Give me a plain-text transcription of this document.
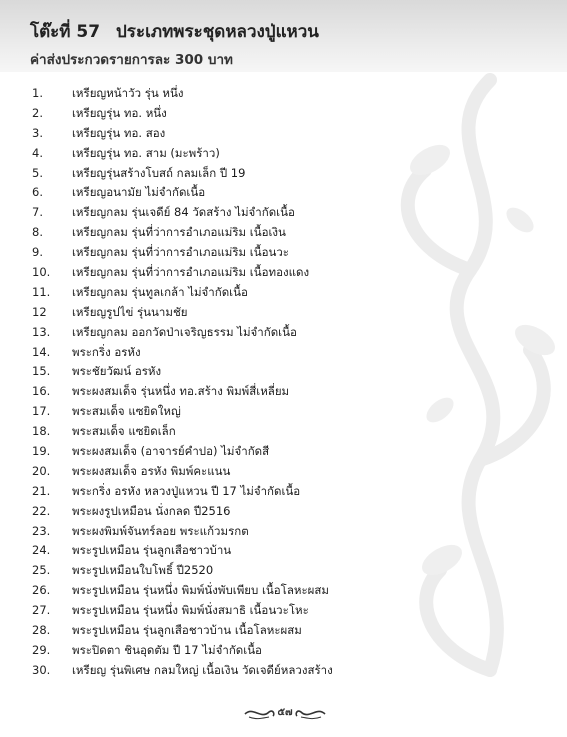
โต๊ะที่ 57 ประเภทพระชุดหลวงปู่แหวน
ค่าส่งประกวดรายการละ 300 บาท
1.	เหรียญหน้าวัว รุ่น หนึ่ง
2.	เหรียญรุ่น ทอ. หนึ่ง
3.	เหรียญรุ่น ทอ. สอง
4.	เหรียญรุ่น ทอ. สาม (มะพร้าว)
5.	เหรียญรุ่นสร้างโบสถ์ กลมเล็ก ปี 19
6.	เหรียญอนามัย ไม่จำกัดเนื้อ
7.	เหรียญกลม รุ่นเจดีย์ 84 วัดสร้าง ไม่จำกัดเนื้อ
8.	เหรียญกลม รุ่นที่ว่าการอำเภอแม่ริม เนื้อเงิน
9.	เหรียญกลม รุ่นที่ว่าการอำเภอแม่ริม เนื้อนวะ
10. เหรียญกลม รุ่นที่ว่าการอำเภอแม่ริม เนื้อทองแดง
11. เหรียญกลม รุ่นทูลเกล้า ไม่จำกัดเนื้อ
12 เหรียญรูปไข่ รุ่นนามชัย
13. เหรียญกลม ออกวัดป่าเจริญธรรม ไม่จำกัดเนื้อ
14. พระกริ่ง อรหัง
15. พระชัยวัฒน์ อรหัง
16. พระผงสมเด็จ รุ่นหนึ่ง ทอ.สร้าง พิมพ์สี่เหลี่ยม
17. พระสมเด็จ แซยิดใหญ่
18. พระสมเด็จ แซยิดเล็ก
19. พระผงสมเด็จ (อาจารย์คำปอ) ไม่จำกัดสี
20. พระผงสมเด็จ อรหัง พิมพ์คะแนน
21. พระกริ่ง อรหัง หลวงปู่แหวน ปี 17 ไม่จำกัดเนื้อ
22. พระผงรูปเหมือน นั่งกลด ปี2516
23. พระผงพิมพ์จันทร์ลอย พระแก้วมรกต
24. พระรูปเหมือน รุ่นลูกเสือชาวบ้าน
25. พระรูปเหมือนใบโพธิ์ ปี2520
26. พระรูปเหมือน รุ่นหนึ่ง พิมพ์นั่งพับเพียบ เนื้อโลหะผสม
27. พระรูปเหมือน รุ่นหนึ่ง พิมพ์นั่งสมาธิ เนื้อนวะโหะ
28. พระรูปเหมือน รุ่นลูกเสือชาวบ้าน เนื้อโลหะผสม
29. พระปิดตา ชินอุดตัม ปี 17 ไม่จำกัดเนื้อ
30. เหรียญ รุ่นพิเศษ กลมใหญ่ เนื้อเงิน วัดเจดีย์หลวงสร้าง
๕๗
